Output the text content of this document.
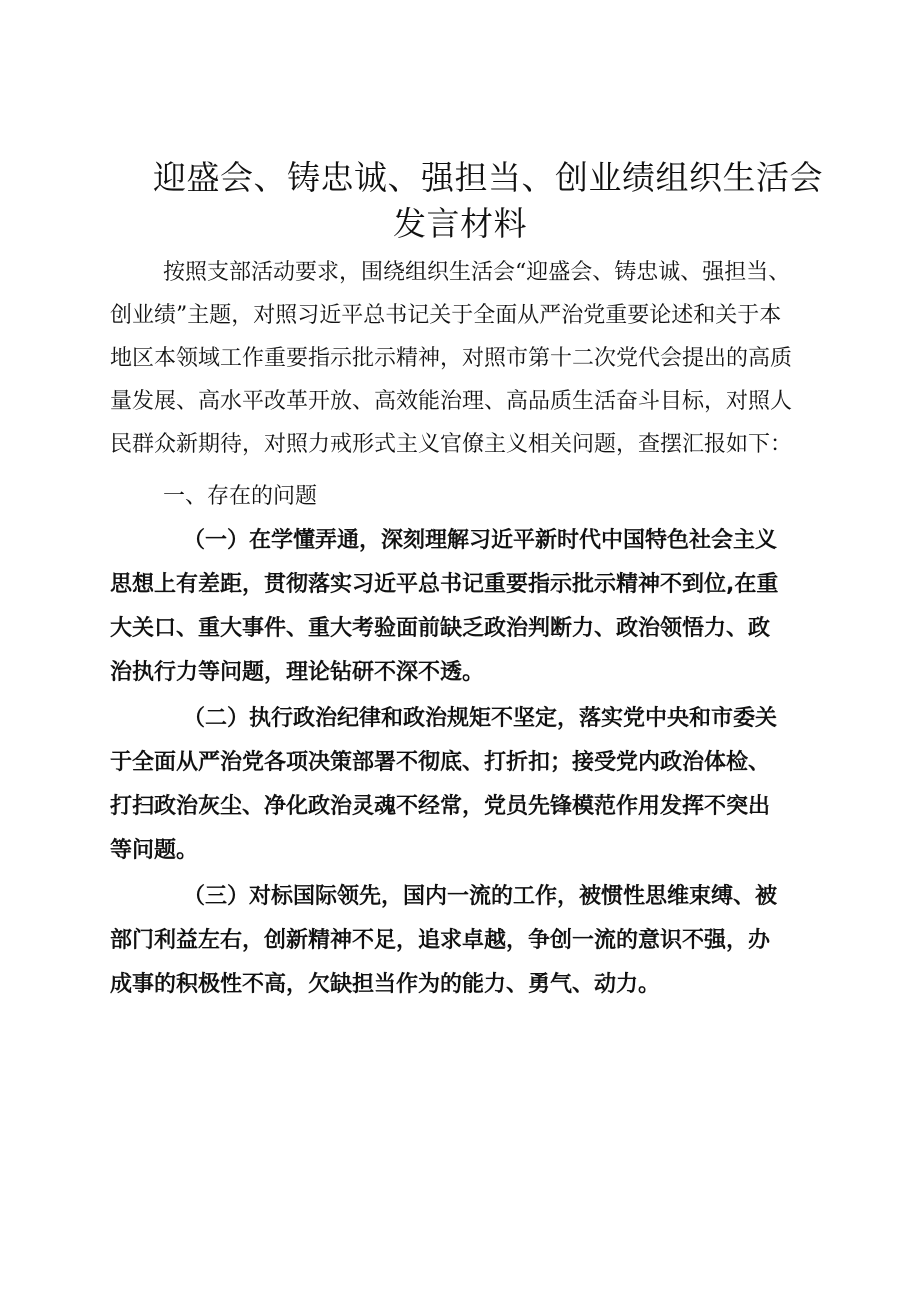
迎盛会、铸忠诚、强担当、创业绩组织生活会
发言材料

按照支部活动要求，围绕组织生活会“迎盛会、铸忠诚、强担当、

创业绩”主题，对照习近平总书记关于全面从严治党重要论述和关于本

地区本领域工作重要指示批示精神，对照市第十二次党代会提出的高质

量发展、高水平改革开放、高效能治理、高品质生活奋斗目标，对照人

民群众新期待，对照力戒形式主义官僚主义相关问题，查摆汇报如下：

一、存在的问题

（一）在学懂弄通，深刻理解习近平新时代中国特色社会主义

思想上有差距，贯彻落实习近平总书记重要指示批示精神不到位,在重

大关口、重大事件、重大考验面前缺乏政治判断力、政治领悟力、政

治执行力等问题，理论钻研不深不透。

（二）执行政治纪律和政治规矩不坚定，落实党中央和市委关

于全面从严治党各项决策部署不彻底、打折扣；接受党内政治体检、

打扫政治灰尘、净化政治灵魂不经常，党员先锋模范作用发挥不突出

等问题。

（三）对标国际领先，国内一流的工作，被惯性思维束缚、被

部门利益左右，创新精神不足，追求卓越，争创一流的意识不强，办

成事的积极性不高，欠缺担当作为的能力、勇气、动力。
